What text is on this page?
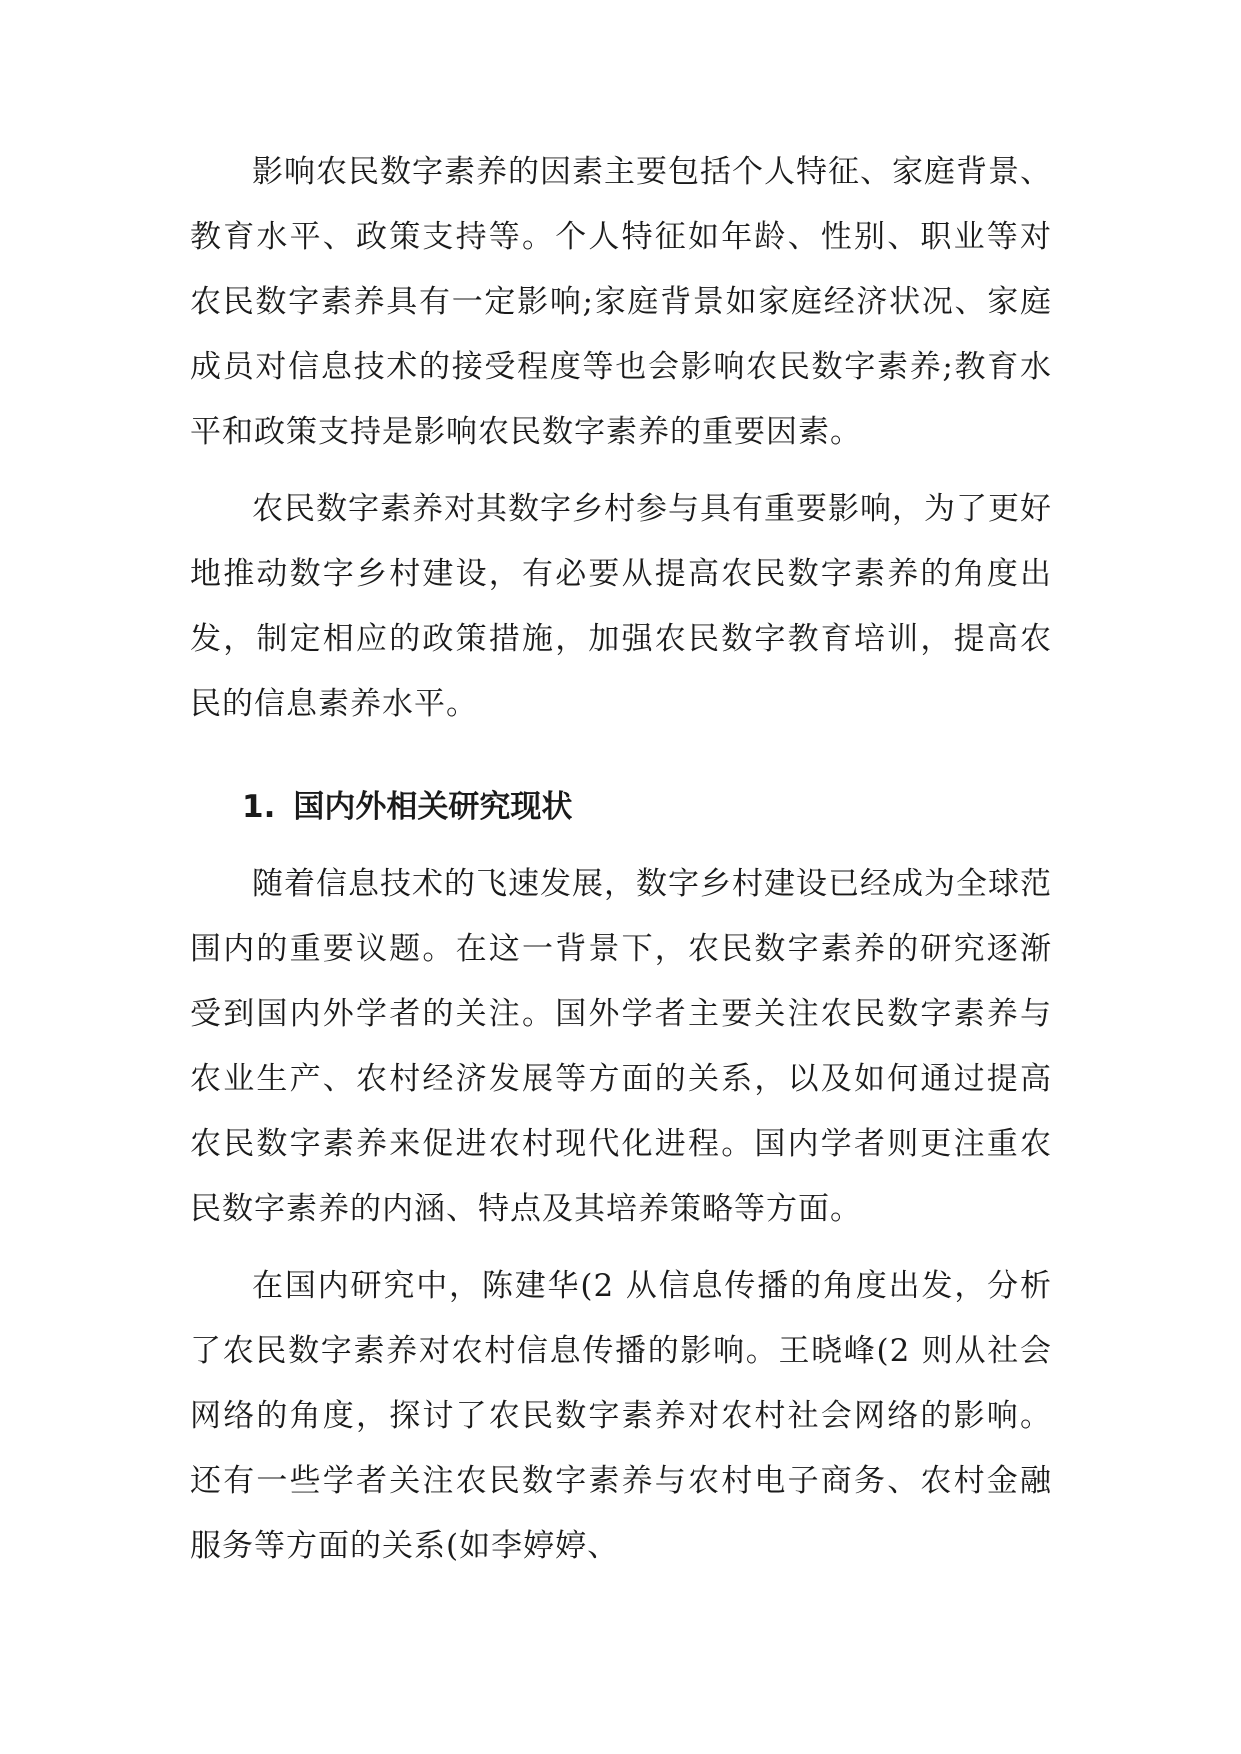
影响农民数字素养的因素主要包括个人特征、家庭背景、教育水平、政策支持等。个人特征如年龄、性别、职业等对农民数字素养具有一定影响;家庭背景如家庭经济状况、家庭成员对信息技术的接受程度等也会影响农民数字素养;教育水平和政策支持是影响农民数字素养的重要因素。

农民数字素养对其数字乡村参与具有重要影响，为了更好地推动数字乡村建设，有必要从提高农民数字素养的角度出发，制定相应的政策措施，加强农民数字教育培训，提高农民的信息素养水平。

1. 国内外相关研究现状

随着信息技术的飞速发展，数字乡村建设已经成为全球范围内的重要议题。在这一背景下，农民数字素养的研究逐渐受到国内外学者的关注。国外学者主要关注农民数字素养与农业生产、农村经济发展等方面的关系，以及如何通过提高农民数字素养来促进农村现代化进程。国内学者则更注重农民数字素养的内涵、特点及其培养策略等方面。

在国内研究中，陈建华(2 从信息传播的角度出发，分析了农民数字素养对农村信息传播的影响。王晓峰(2 则从社会网络的角度，探讨了农民数字素养对农村社会网络的影响。还有一些学者关注农民数字素养与农村电子商务、农村金融服务等方面的关系(如李婷婷、
